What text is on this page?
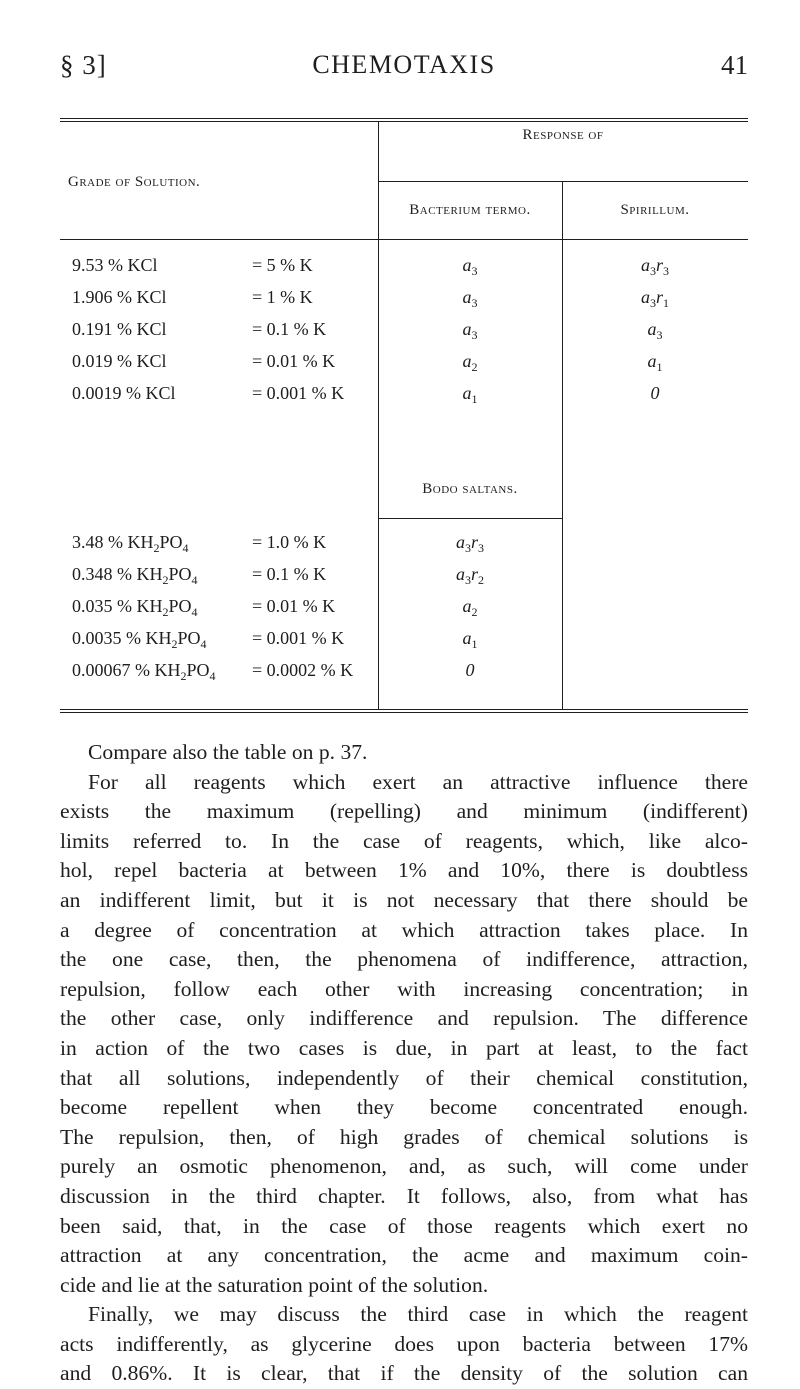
§ 3]	CHEMOTAXIS	41
Grade of Solution.
Response of
Bacterium termo.	Spirillum.
Bodo saltans.
9.53 % KCl	= 5 % K	$a_3$	$a_3r_3$
1.906 % KCl	= 1 % K	$a_3$	$a_3r_1$
0.191 % KCl	= 0.1 % K	$a_3$	$a_3$
0.019 % KCl	= 0.01 % K	$a_2$	$a_1$
0.0019 % KCl	= 0.001 % K	$a_1$	0
3.48 % $KH_2PO_4$	= 1.0 % K	$a_3r_3$
0.348 % $KH_2PO_4$	= 0.1 % K	$a_3r_2$
0.035 % $KH_2PO_4$	= 0.01 % K	$a_2$
0.0035 % $KH_2PO_4$	= 0.001 % K	$a_1$
0.00067 % $KH_2PO_4 = 0.0002$ % K	0
Compare also the table on p. 37.
For all reagents which exert an attractive influence there
exists the maximum (repelling) and minimum (indifferent)
limits referred to. In the case of reagents, which, like alco-
hol, repel bacteria at between 1% and 10%, there is doubtless
an indifferent limit, but it is not necessary that there should be
a degree of concentration at which attraction takes place. In
the one case, then, the phenomena of indifference, attraction,
repulsion, follow each other with increasing concentration; in
the other case, only indifference and repulsion. The difference
in action of the two cases is due, in part at least, to the fact
that all solutions, independently of their chemical constitution,
become repellent when they become concentrated enough.
The repulsion, then, of high grades of chemical solutions is
purely an osmotic phenomenon, and, as such, will come under
discussion in the third chapter. It follows, also, from what has
been said, that, in the case of those reagents which exert no
attraction at any concentration, the acme and maximum coin-
cide and lie at the saturation point of the solution.
Finally, we may discuss the third case in which the reagent
acts indifferently, as glycerine does upon bacteria between 17%
and 0.86%. It is clear, that if the density of the solution can
